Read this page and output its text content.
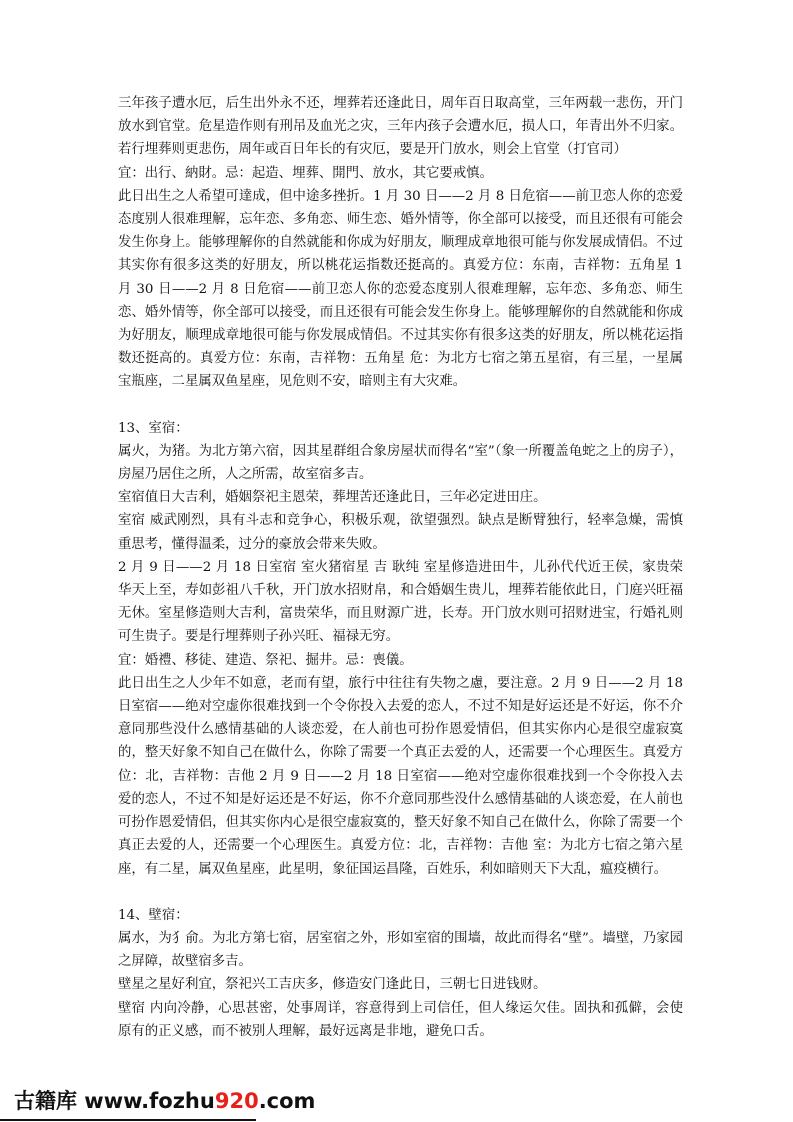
三年孩子遭水厄，后生出外永不还，埋葬若还逢此日，周年百日取高堂，三年两载一悲伤，开门放水到官堂。危星造作则有刑吊及血光之灾，三年内孩子会遭水厄，损人口，年青出外不归家。若行埋葬则更悲伤，周年或百日年长的有灾厄，要是开门放水，则会上官堂（打官司）

宜：出行、納財。忌：起造、埋葬、開門、放水，其它要戒慎。

此日出生之人希望可達成，但中途多挫折。1 月 30 日——2 月 8 日危宿——前卫恋人你的恋爱态度别人很难理解，忘年恋、多角恋、师生恋、婚外情等，你全部可以接受，而且还很有可能会发生你身上。能够理解你的自然就能和你成为好朋友，顺理成章地很可能与你发展成情侣。不过其实你有很多这类的好朋友，所以桃花运指数还挺高的。真爱方位：东南，吉祥物：五角星 1 月 30 日——2 月 8 日危宿——前卫恋人你的恋爱态度别人很难理解，忘年恋、多角恋、师生恋、婚外情等，你全部可以接受，而且还很有可能会发生你身上。能够理解你的自然就能和你成为好朋友，顺理成章地很可能与你发展成情侣。不过其实你有很多这类的好朋友，所以桃花运指数还挺高的。真爱方位：东南，吉祥物：五角星 危：为北方七宿之第五星宿，有三星，一星属宝瓶座，二星属双鱼星座，见危则不安，暗则主有大灾难。

13、室宿：

属火，为猪。为北方第六宿，因其星群组合象房屋状而得名“室”（象一所覆盖龟蛇之上的房子），房屋乃居住之所，人之所需，故室宿多吉。

室宿值日大吉利，婚姻祭祀主恩荣，葬埋苦还逢此日，三年必定进田庄。

室宿 威武刚烈，具有斗志和竞争心，积极乐观，欲望强烈。缺点是断臂独行，轻率急燥，需慎重思考，懂得温柔，过分的豪放会带来失败。

2 月 9 日——2 月 18 日室宿 室火猪宿星 吉 耿纯 室星修造进田牛，儿孙代代近王侯，家贵荣华天上至，寿如彭祖八千秋，开门放水招财帛，和合婚姻生贵儿，埋葬若能依此日，门庭兴旺福无休。室星修造则大吉利，富贵荣华，而且财源广进，长寿。开门放水则可招财进宝，行婚礼则可生贵子。要是行埋葬则子孙兴旺、福禄无穷。

宜：婚禮、移徒、建造、祭祀、掘井。忌：喪儀。

此日出生之人少年不如意，老而有望，旅行中往往有失物之慮，要注意。2 月 9 日——2 月 18 日室宿——绝对空虚你很难找到一个令你投入去爱的恋人，不过不知是好运还是不好运，你不介意同那些没什么感情基础的人谈恋爱，在人前也可扮作恩爱情侣，但其实你内心是很空虚寂寞的，整天好象不知自己在做什么，你除了需要一个真正去爱的人，还需要一个心理医生。真爱方位：北，吉祥物：吉他 2 月 9 日——2 月 18 日室宿——绝对空虚你很难找到一个令你投入去爱的恋人，不过不知是好运还是不好运，你不介意同那些没什么感情基础的人谈恋爱，在人前也可扮作恩爱情侣，但其实你内心是很空虚寂寞的，整天好象不知自己在做什么，你除了需要一个真正去爱的人，还需要一个心理医生。真爱方位：北，吉祥物：吉他 室：为北方七宿之第六星座，有二星，属双鱼星座，此星明，象征国运昌隆，百姓乐，利如暗则天下大乱，瘟疫横行。

14、壁宿：

属水，为犭俞。为北方第七宿，居室宿之外，形如室宿的围墙，故此而得名“壁”。墙壁，乃家园之屏障，故壁宿多吉。

壁星之星好利宜，祭祀兴工吉庆多，修造安门逢此日，三朝七日进钱财。

壁宿 内向冷静，心思甚密，处事周详，容意得到上司信任，但人缘运欠佳。固执和孤僻，会使原有的正义感，而不被别人理解，最好远离是非地，避免口舌。

古籍库 www.fozhu920.com
